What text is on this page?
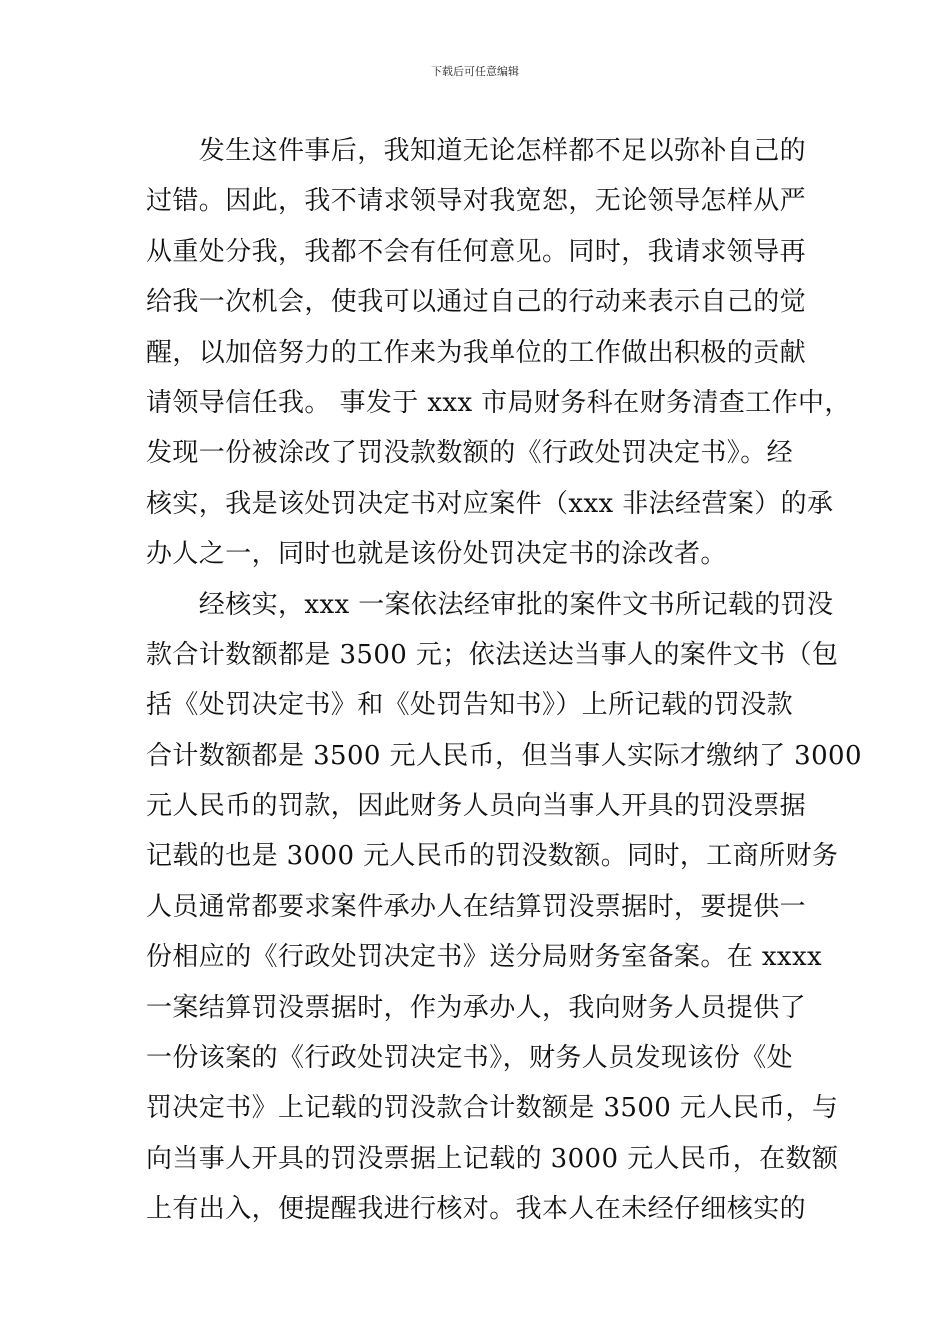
下载后可任意编辑
　　发生这件事后，我知道无论怎样都不足以弥补自己的
过错。因此，我不请求领导对我宽恕，无论领导怎样从严
从重处分我，我都不会有任何意见。同时，我请求领导再
给我一次机会，使我可以通过自己的行动来表示自己的觉
醒，以加倍努力的工作来为我单位的工作做出积极的贡献
请领导信任我。 事发于 xxx 市局财务科在财务清查工作中，
发现一份被涂改了罚没款数额的《行政处罚决定书》。经
核实，我是该处罚决定书对应案件（xxx 非法经营案）的承
办人之一，同时也就是该份处罚决定书的涂改者。
　　经核实，xxx 一案依法经审批的案件文书所记载的罚没
款合计数额都是 3500 元；依法送达当事人的案件文书（包
括《处罚决定书》和《处罚告知书》）上所记载的罚没款
合计数额都是 3500 元人民币，但当事人实际才缴纳了 3000
元人民币的罚款，因此财务人员向当事人开具的罚没票据
记载的也是 3000 元人民币的罚没数额。同时，工商所财务
人员通常都要求案件承办人在结算罚没票据时，要提供一
份相应的《行政处罚决定书》送分局财务室备案。在 xxxx
一案结算罚没票据时，作为承办人，我向财务人员提供了
一份该案的《行政处罚决定书》，财务人员发现该份《处
罚决定书》上记载的罚没款合计数额是 3500 元人民币，与
向当事人开具的罚没票据上记载的 3000 元人民币，在数额
上有出入，便提醒我进行核对。我本人在未经仔细核实的
